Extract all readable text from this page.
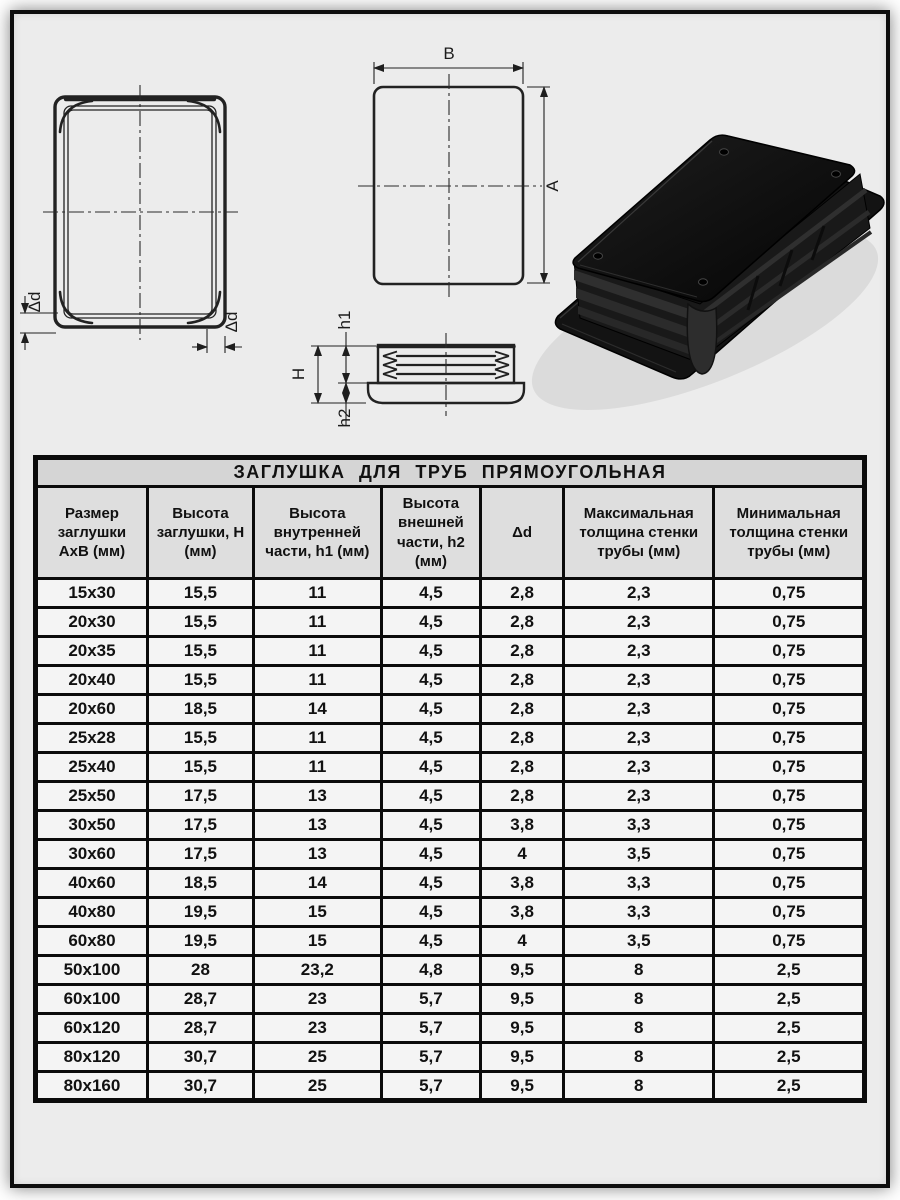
Δd
Δd
B
A
H
h1
h2
ЗАГЛУШКА ДЛЯ ТРУБ ПРЯМОУГОЛЬНАЯ						
Размер заглушки АхВ (мм)	Высота заглушки, Н (мм)	Высота внутренней части, h1 (мм)	Высота внешней части, h2 (мм)	Δd	Максимальная толщина стенки трубы (мм)	Минимальная толщина стенки трубы (мм)
15x30	15,5	11	4,5	2,8	2,3	0,75
20x30	15,5	11	4,5	2,8	2,3	0,75
20x35	15,5	11	4,5	2,8	2,3	0,75
20x40	15,5	11	4,5	2,8	2,3	0,75
20x60	18,5	14	4,5	2,8	2,3	0,75
25x28	15,5	11	4,5	2,8	2,3	0,75
25x40	15,5	11	4,5	2,8	2,3	0,75
25x50	17,5	13	4,5	2,8	2,3	0,75
30x50	17,5	13	4,5	3,8	3,3	0,75
30x60	17,5	13	4,5	4	3,5	0,75
40x60	18,5	14	4,5	3,8	3,3	0,75
40x80	19,5	15	4,5	3,8	3,3	0,75
60x80	19,5	15	4,5	4	3,5	0,75
50x100	28	23,2	4,8	9,5	8	2,5
60x100	28,7	23	5,7	9,5	8	2,5
60x120	28,7	23	5,7	9,5	8	2,5
80x120	30,7	25	5,7	9,5	8	2,5
80x160	30,7	25	5,7	9,5	8	2,5
